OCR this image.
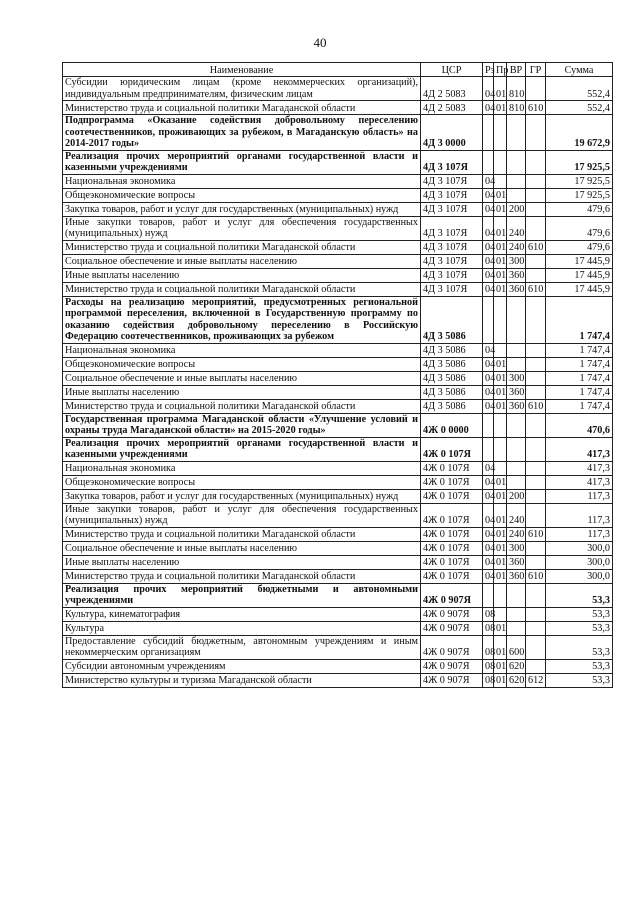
40
Наименование	ЦСР	Рз	Пр	ВР	ГР	Сумма
Субсидии юридическим лицам (кроме некоммерческих организаций), индивидуальным предпринимателям, физическим лицам	4Д 2 5083	04	01	810		552,4
Министерство труда и социальной политики Магаданской области	4Д 2 5083	04	01	810	610	552,4
Подпрограмма «Оказание содействия добровольному переселению соотечественников, проживающих за рубежом, в Магаданскую область» на 2014-2017 годы»	4Д 3 0000					19 672,9
Реализация прочих мероприятий органами государственной власти и казенными учреждениями	4Д 3 107Я					17 925,5
Национальная экономика	4Д 3 107Я	04				17 925,5
Общеэкономические вопросы	4Д 3 107Я	04	01			17 925,5
Закупка товаров, работ и услуг для государственных (муниципальных) нужд	4Д 3 107Я	04	01	200		479,6
Иные закупки товаров, работ и услуг для обеспечения государственных (муниципальных) нужд	4Д 3 107Я	04	01	240		479,6
Министерство труда и социальной политики Магаданской области	4Д 3 107Я	04	01	240	610	479,6
Социальное обеспечение и иные выплаты населению	4Д 3 107Я	04	01	300		17 445,9
Иные выплаты населению	4Д 3 107Я	04	01	360		17 445,9
Министерство труда и социальной политики Магаданской области	4Д 3 107Я	04	01	360	610	17 445,9
Расходы на реализацию мероприятий, предусмотренных региональной программой переселения, включенной в Государственную программу по оказанию содействия добровольному переселению в Российскую Федерацию соотечественников, проживающих за рубежом	4Д 3 5086					1 747,4
Национальная экономика	4Д 3 5086	04				1 747,4
Общеэкономические вопросы	4Д 3 5086	04	01			1 747,4
Социальное обеспечение и иные выплаты населению	4Д 3 5086	04	01	300		1 747,4
Иные выплаты населению	4Д 3 5086	04	01	360		1 747,4
Министерство труда и социальной политики Магаданской области	4Д 3 5086	04	01	360	610	1 747,4
Государственная программа Магаданской области «Улучшение условий и охраны труда Магаданской области» на 2015-2020 годы»	4Ж 0 0000					470,6
Реализация прочих мероприятий органами государственной власти и казенными учреждениями	4Ж 0 107Я					417,3
Национальная экономика	4Ж 0 107Я	04				417,3
Общеэкономические вопросы	4Ж 0 107Я	04	01			417,3
Закупка товаров, работ и услуг для государственных (муниципальных) нужд	4Ж 0 107Я	04	01	200		117,3
Иные закупки товаров, работ и услуг для обеспечения государственных (муниципальных) нужд	4Ж 0 107Я	04	01	240		117,3
Министерство труда и социальной политики Магаданской области	4Ж 0 107Я	04	01	240	610	117,3
Социальное обеспечение и иные выплаты населению	4Ж 0 107Я	04	01	300		300,0
Иные выплаты населению	4Ж 0 107Я	04	01	360		300,0
Министерство труда и социальной политики Магаданской области	4Ж 0 107Я	04	01	360	610	300,0
Реализация прочих мероприятий бюджетными и автономными учреждениями	4Ж 0 907Я					53,3
Культура, кинематография	4Ж 0 907Я	08				53,3
Культура	4Ж 0 907Я	08	01			53,3
Предоставление субсидий бюджетным, автономным учреждениям и иным некоммерческим организациям	4Ж 0 907Я	08	01	600		53,3
Субсидии автономным учреждениям	4Ж 0 907Я	08	01	620		53,3
Министерство культуры и туризма Магаданской области	4Ж 0 907Я	08	01	620	612	53,3
